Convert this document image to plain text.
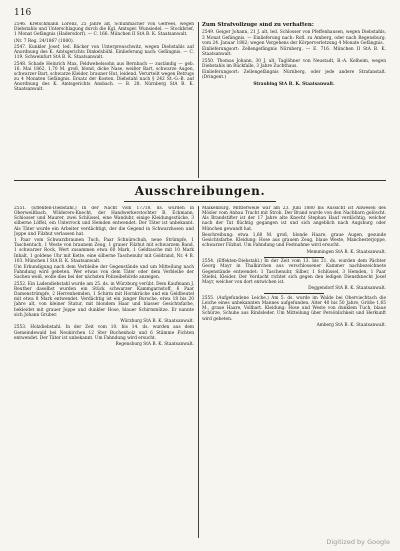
116

2546. Kretschmann Lorenz, 25 Jahre alt, Schuhmacher von Gefrees, wegen Diebstahls und Unterschlagung durch die Kgl. Amtsger. Wunsiedel. — Stockbrief, 1 Monat Gefängnis (Hadersdorf). — C. 166. München II StA B. K. Staatsanwalt.

(Nr. 7 Reg. 24/1867 (1880).

2547. Kunkler Josef, led. Bäcker von Unterpreuschwitz, wegen Diebstahls auf Anordnung des K. Amtsgerichts Dinkelsbühl. Einlieferung nach: Gefängnis. — C. 119. Schweinfurt StA B. K. Staatsanwalt.

2548. Schade Heinrich Max, Feldwebelssohn aus Bernbach — zuständig — geb. 16. Mai 1862, 1,70 M. groß, blond, dicke Nase, weißer Bart, schwarze Augen, schwarzer Bart, schwarze Kleider, brauner Hut, leidend. Verurteilt wegen Betrugs zu 4 Monaten Gefängnis. Ersatz der Kosten. Diebstahl nach § 242 St.-G.-B. auf Anordnung des K. Amtsgerichts Ansbach. — B. 28. Nürnberg StA B. K. Staatsanwalt.

Zum Strafvollzuge sind zu verhaften:

2549. Geiger Johann, 21 J. alt, led. Schlosser von Pfeffenhausen, wegen Diebstahls, 3 Monat Gefängnis. — Einlieferung nach: Rofl. zu Amberg, oder nach Regensburg. vom 24. Januar 1882; wegen Vergehens der Körperverletzung 4 Monate Gefängnis.

Einlieferungsort: Zellengefängnis Nürnberg. — E. 716. München II StA B. K. Staatsanwalt.

2550. Thomas Johann, 30 J. alt, Taglöhner von Neustadt, B.-A. Kelheim, wegen Diebstahls im Rückfalle, 3 Jahre Zuchthaus.

Einlieferungsort: Zellengefängnis Nürnberg, oder jede andere Strafanstalt. (Dringent.)

Straubing StA B. K. Staatsanwalt.

Ausschreibungen.

2551. (Effekten-Diebstahl.) In der Nacht vom 17./18. ds. wurden in Oberweißbach, Wilderers-Knecht, der Handwerkerstochter B. Eckmann, Schlosser und Maurer, zwei Schlüssel, eine Wanduhr, einige Kleidungsstücke, 3 silberne Löffel, ein Unterrock und Hemden entwendet. Der Täter ist unbekannt. Als Täter wurde ein Arbeiter verdächtigt, der die Gegend in Schwarzhosen und Joppe und Filzhut verlassen hat.

1 Paar vom Schwarzbraunen Tuch, Paar Schnürschuh, neue Strümpfe, 1 Taschentuch, 1 Weste von braunem Zeug, 1 grauer Filzhut mit schwarzem Band, 1 schwarzer Rock, Wert zusammen etwa 60 Mark, 1 Geldtasche mit 10 Mark Inhalt, 1 goldene Uhr mit Kette, eine silberne Taschenuhr mit Goldrand, Nr. 4 B. 103. München I StA B. K. Staatsanwalt.

Um Erkundigung nach dem Verbleibe der Gegenstände und um Mitteilung nach Fahndung wird gebeten. Wer etwas von dem Täter oder dem Verbleibe der Sachen weiß, wolle dies bei der nächsten Polizeibehörde anzeigen.

2552. Ein Ladendiebstahl wurde am 25. ds. in Würzburg verübt. Dem Kaufmann J. Reuther daselbst wurden ein Stück schwarzer Kammgarnstoff, 6 Paar Damenstrümpfe, 2 Herrenhemden, 1 Schirm mit Hornkrücke und ein Geldbeutel mit etwa 8 Mark entwendet. Verdächtig ist ein junger Bursche, etwa 18 bis 20 Jahre alt, von kleiner Statur, mit blondem Haar und blasser Gesichtsfarbe, bekleidet mit grauer Joppe und dunkler Hose, blauer Schirmmütze. Er nannte sich Johann Gruber.

Würzburg StA B. K. Staatsanwalt.

2553. Holzdiebstahl. In der Zeit vom 10. bis 14. ds. wurden aus dem Gemeindewald bei Neukirchen 12 Ster Buchenholz und 6 Stämme Fichten entwendet. Der Täter ist unbekannt. Um Fahndung wird ersucht.

Regensburg StA B. K. Staatsanwalt.

Malkenburg. Mittlerweile war am 23. Juni 1880 bis Aussicht ist Anwesen des Mösler vom Anbau Tracht mit Stroh. Der Brand wurde von den Nachbarn gelöscht. Als Brandstifter ist der 17 Jahre alte Knecht Stephan Hauf verdächtig, welcher nach der Tat flüchtig gegangen ist und sich angeblich nach Augsburg oder München gewandt hat.

Beschreibung: etwa 1,68 M. groß, blonde Haare, graue Augen, gesunde Gesichtsfarbe. Kleidung: Hose aus grauem Zeug, blaue Weste, Manchesterjoppe, schwarzer Filzhut. Um Fahndung und Festnahme wird ersucht.

Memmingen StA B. K. Staatsanwalt.

2554. (Effekten-Diebstahl.) In der Zeit vom 13. bis 21. ds. wurden dem Pächter Georg Mayr in Thalkirchen aus verschlossener Kammer nachbezeichnete Gegenstände entwendet: 1 Taschenuhr, Silber, 1 Schlüssel, 3 Hemden, 1 Paar Stiefel, Kleider. Der Verdacht richtet sich gegen den ledigen Dienstknecht Josef Mayr, welcher von dort entwichen ist.

Deggendorf StA B. K. Staatsanwalt.

2555. (Aufgefundene Leiche.) Am 5. ds. wurde im Walde bei Oberviechtach die Leiche eines unbekannten Mannes aufgefunden. Alter 40 bis 50 Jahre, Größe 1,65 M., graue Haare, Vollbart. Kleidung: Hose und Weste von dunklem Tuch, blaue Schürze, Schuhe aus Rindsleder. Um Mitteilung über Persönlichkeit und Herkunft wird gebeten.

Amberg StA B. K. Staatsanwalt.

Digitized by Google
